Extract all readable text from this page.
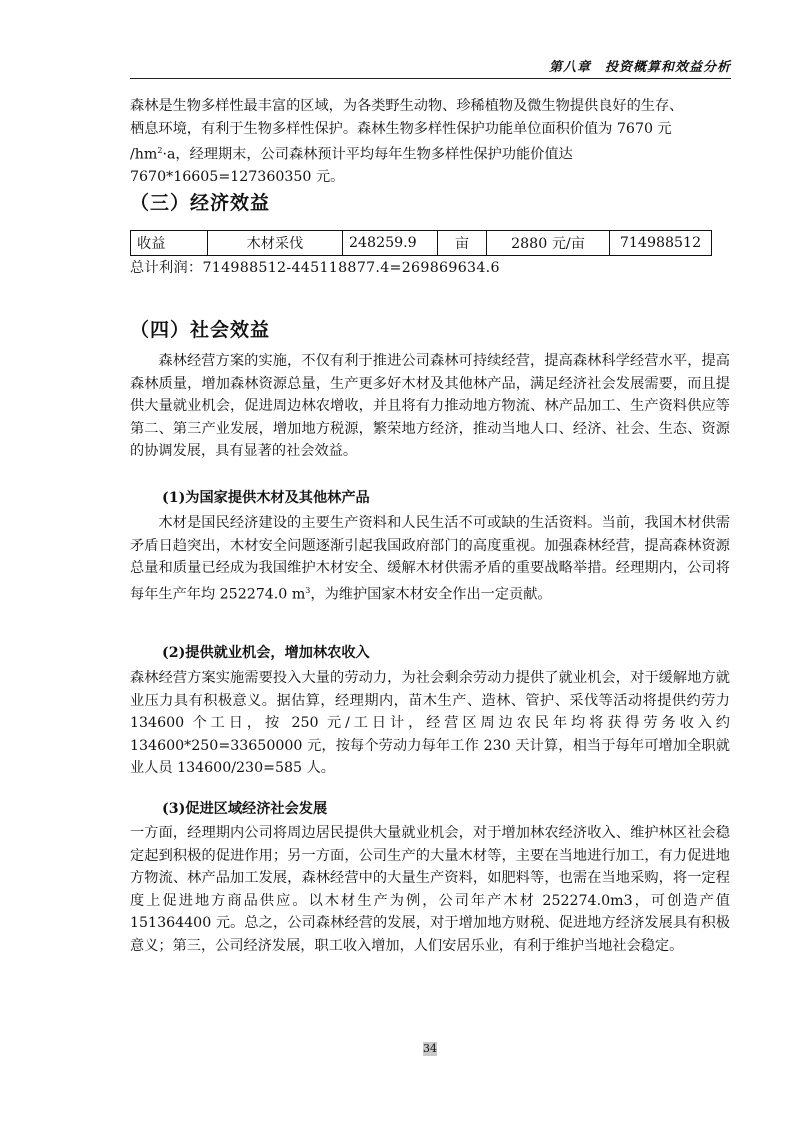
第八章　投资概算和效益分析

森林是生物多样性最丰富的区域，为各类野生动物、珍稀植物及微生物提供良好的生存、

栖息环境，有利于生物多样性保护。森林生物多样性保护功能单位面积价值为 7670 元

$/hm^2\cdot a$，经理期末，公司森林预计平均每年生物多样性保护功能价值达

7670*16605=127360350 元。

（三）经济效益
收益	木材采伐	248259.9	亩	2880 元/亩	714988512
总计利润：714988512-445118877.4=269869634.6
（四）社会效益

森林经营方案的实施，不仅有利于推进公司森林可持续经营，提高森林科学经营水平，提高森林质量，增加森林资源总量，生产更多好木材及其他林产品，满足经济社会发展需要，而且提供大量就业机会，促进周边林农增收，并且将有力推动地方物流、林产品加工、生产资料供应等第二、第三产业发展，增加地方税源，繁荣地方经济，推动当地人口、经济、社会、生态、资源的协调发展，具有显著的社会效益。

(1)为国家提供木材及其他林产品

木材是国民经济建设的主要生产资料和人民生活不可或缺的生活资料。当前，我国木材供需矛盾日趋突出，木材安全问题逐渐引起我国政府部门的高度重视。加强森林经营，提高森林资源总量和质量已经成为我国维护木材安全、缓解木材供需矛盾的重要战略举措。经理期内，公司将每年生产年均 252274.0 $m^3$，为维护国家木材安全作出一定贡献。

(2)提供就业机会，增加林农收入

森林经营方案实施需要投入大量的劳动力，为社会剩余劳动力提供了就业机会，对于缓解地方就业压力具有积极意义。据估算，经理期内，苗木生产、造林、管护、采伐等活动将提供约劳力 134600 个工日，按 250 元/工日计，经营区周边农民年均将获得劳务收入约 134600*250=33650000 元，按每个劳动力每年工作 230 天计算，相当于每年可增加全职就业人员 134600/230=585 人。

(3)促进区域经济社会发展

一方面，经理期内公司将周边居民提供大量就业机会，对于增加林农经济收入、维护林区社会稳定起到积极的促进作用；另一方面，公司生产的大量木材等，主要在当地进行加工，有力促进地方物流、林产品加工发展，森林经营中的大量生产资料，如肥料等，也需在当地采购，将一定程度上促进地方商品供应。以木材生产为例，公司年产木材 252274.0m3，可创造产值 151364400 元。总之，公司森林经营的发展，对于增加地方财税、促进地方经济发展具有积极意义；第三，公司经济发展，职工收入增加，人们安居乐业，有利于维护当地社会稳定。

34
